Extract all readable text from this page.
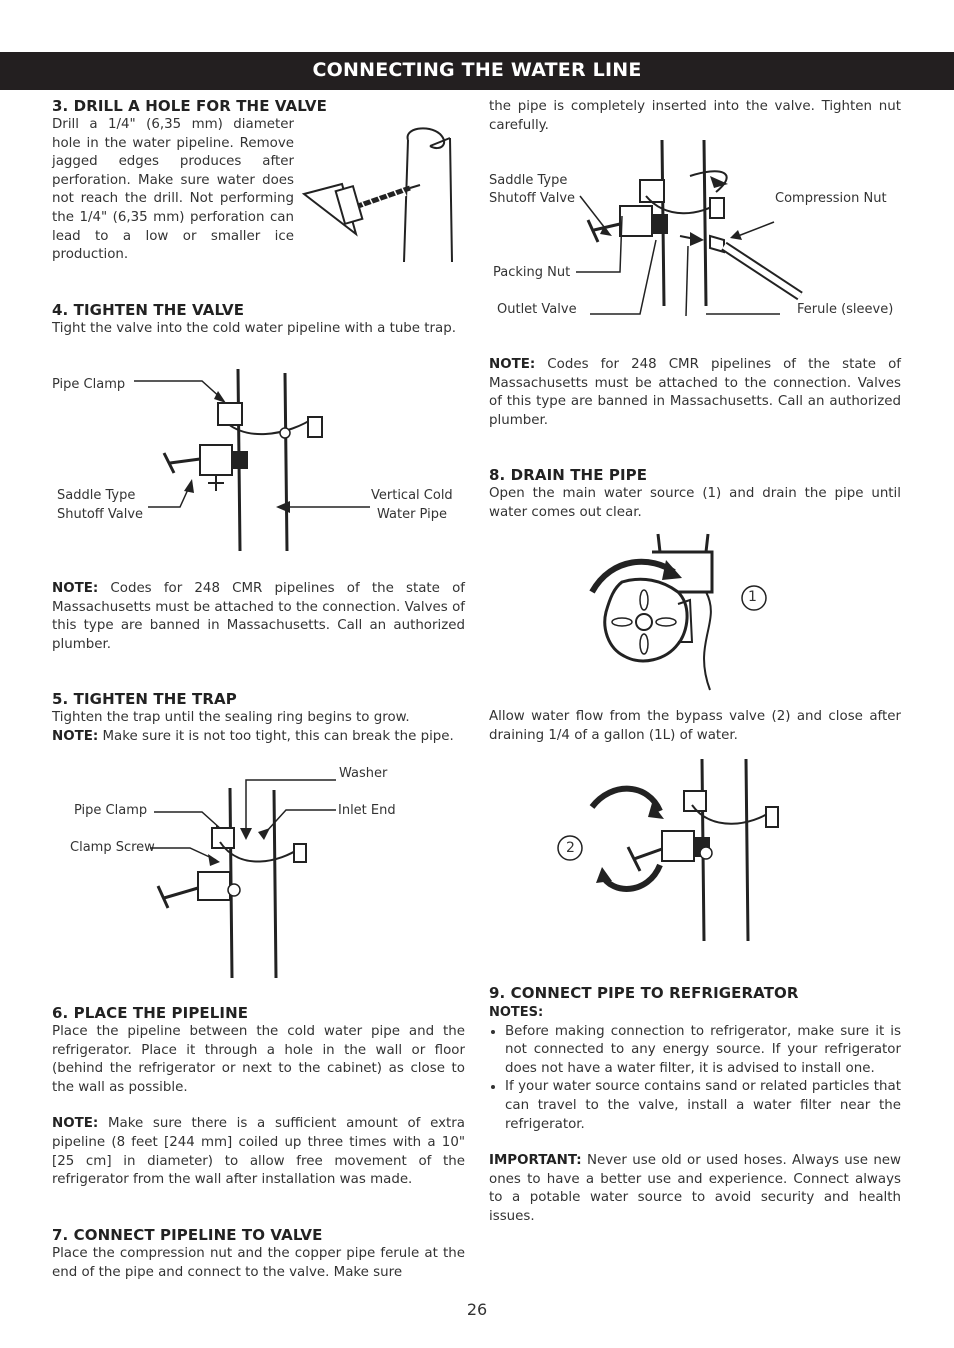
CONNECTING THE WATER LINE
3. DRILL A HOLE FOR THE VALVE

Drill a 1/4" (6,35 mm) diameter hole in the water pipeline. Remove jagged edges produces after perforation. Make sure water does not reach the drill. Not performing the 1/4" (6,35 mm) perforation can lead to a low or smaller ice production.

4. TIGHTEN THE VALVE

Tight the valve into the cold water pipeline with a tube trap.

Pipe Clamp
Saddle Type
Shutoff Valve
Vertical Cold
Water Pipe

NOTE: Codes for 248 CMR pipelines of the state of Massachusetts must be attached to the connection. Valves of this type are banned in Massachusetts. Call an authorized plumber.

5. TIGHTEN THE TRAP

Tighten the trap until the sealing ring begins to grow.

NOTE: Make sure it is not too tight, this can break the pipe.

Washer
Pipe Clamp	Inlet End
Clamp Screw
6. PLACE THE PIPELINE

Place the pipeline between the cold water pipe and the refrigerator. Place it through a hole in the wall or floor (behind the refrigerator or next to the cabinet) as close to the wall as possible.

NOTE: Make sure there is a sufficient amount of extra pipeline (8 feet [244 mm] coiled up three times with a 10" [25 cm] in diameter) to allow free movement of the refrigerator from the wall after installation was made.

7. CONNECT PIPELINE TO VALVE

Place the compression nut and the copper pipe ferule at the end of the pipe and connect to the valve. Make sure

the pipe is completely inserted into the valve. Tighten nut carefully.

Saddle Type
Shutoff Valve	Compression Nut
Packing Nut
Outlet Valve	Ferule (sleeve)

NOTE: Codes for 248 CMR pipelines of the state of Massachusetts must be attached to the connection. Valves of this type are banned in Massachusetts. Call an authorized plumber.

8. DRAIN THE PIPE

Open the main water source (1) and drain the pipe until water comes out clear.

1

Allow water flow from the bypass valve (2) and close after draining 1/4 of a gallon (1L) of water.

2
9. CONNECT PIPE TO REFRIGERATOR

NOTES:

• Before making connection to refrigerator, make sure it is not connected to any energy source. If your refrigerator does not have a water filter, it is advised to install one.
• If your water source contains sand or related particles that can travel to the valve, install a water filter near the refrigerator.

IMPORTANT: Never use old or used hoses. Always use new ones to have a better use and experience. Connect always to a potable water source to avoid security and health issues.

26
